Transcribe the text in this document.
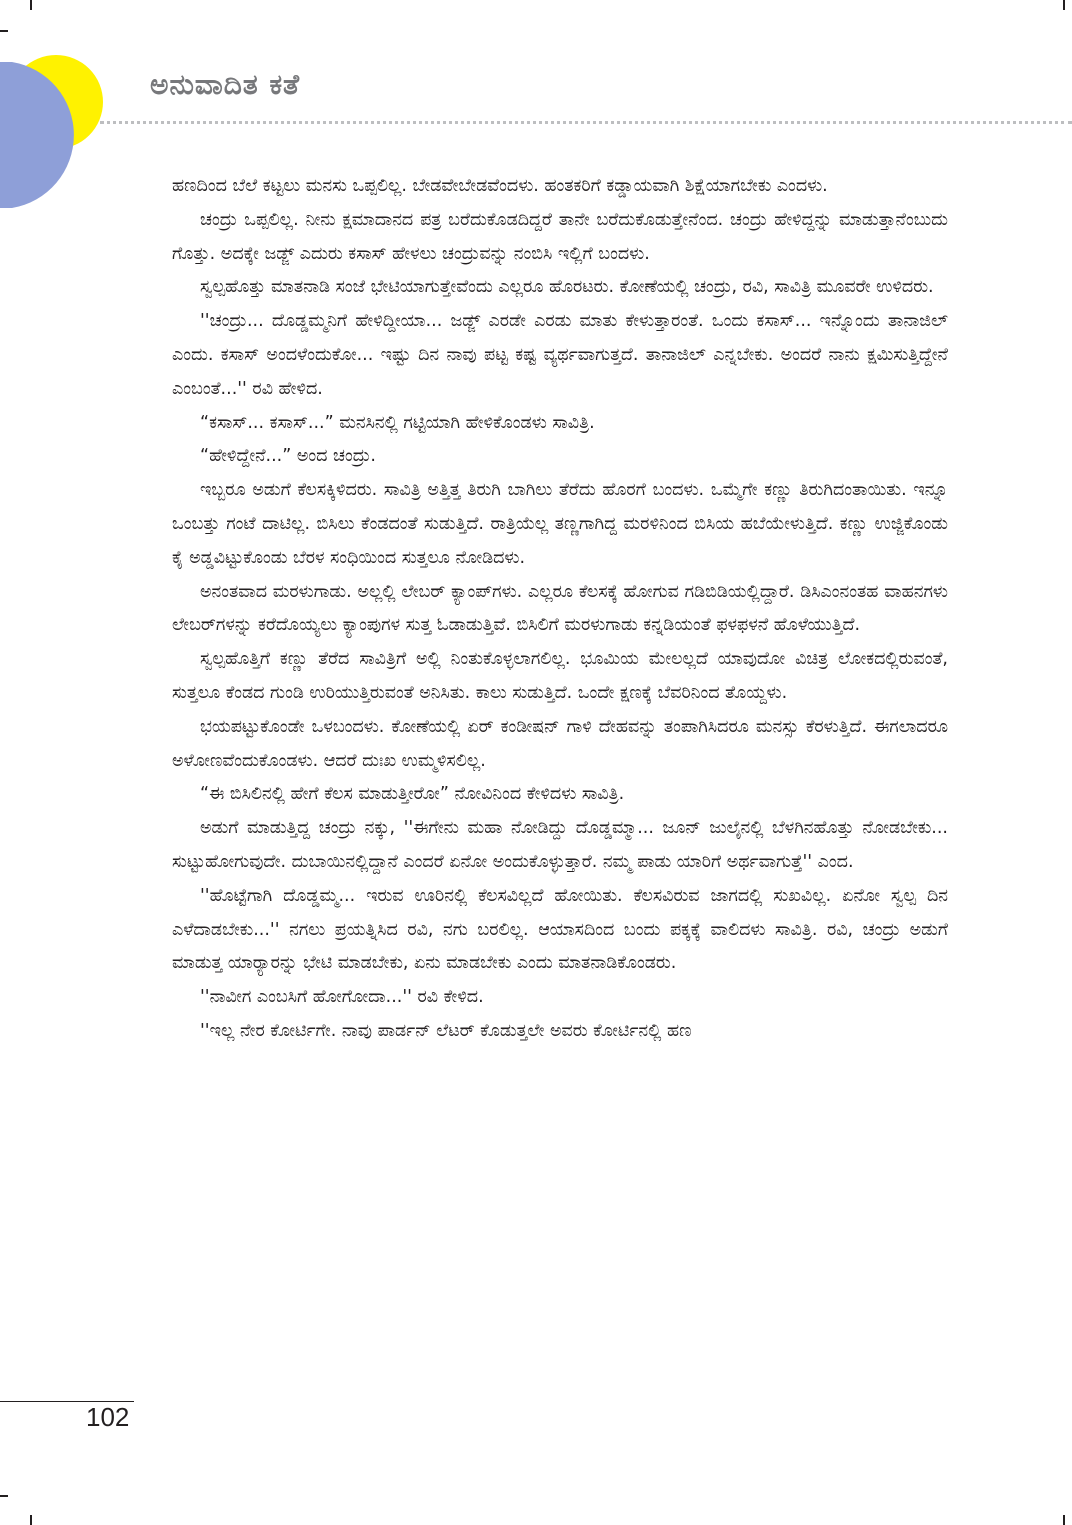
ಅನುವಾದಿತ ಕತೆ

ಹಣದಿಂದ ಬೆಲೆ ಕಟ್ಟಲು ಮನಸು ಒಪ್ಪಲಿಲ್ಲ. ಬೇಡವೇಬೇಡವೆಂದಳು. ಹಂತಕರಿಗೆ ಕಡ್ಡಾಯವಾಗಿ ಶಿಕ್ಷೆಯಾಗಬೇಕು ಎಂದಳು.

ಚಂದ್ರು ಒಪ್ಪಲಿಲ್ಲ. ನೀನು ಕ್ಷಮಾದಾನದ ಪತ್ರ ಬರೆದುಕೊಡದಿದ್ದರೆ ತಾನೇ ಬರೆದುಕೊಡುತ್ತೇನೆಂದ. ಚಂದ್ರು ಹೇಳಿದ್ದನ್ನು ಮಾಡುತ್ತಾನೆಂಬುದು ಗೊತ್ತು. ಅದಕ್ಕೇ ಜಡ್ಜ್ ಎದುರು ಕಸಾಸ್ ಹೇಳಲು ಚಂದ್ರುವನ್ನು ನಂಬಿಸಿ ಇಲ್ಲಿಗೆ ಬಂದಳು.

ಸ್ವಲ್ಪಹೊತ್ತು ಮಾತನಾಡಿ ಸಂಜೆ ಭೇಟಿಯಾಗುತ್ತೇವೆಂದು ಎಲ್ಲರೂ ಹೊರಟರು. ಕೋಣೆಯಲ್ಲಿ ಚಂದ್ರು, ರವಿ, ಸಾವಿತ್ರಿ ಮೂವರೇ ಉಳಿದರು.

''ಚಂದ್ರು... ದೊಡ್ಡಮ್ಮನಿಗೆ ಹೇಳಿದ್ದೀಯಾ... ಜಡ್ಜ್ ಎರಡೇ ಎರಡು ಮಾತು ಕೇಳುತ್ತಾರಂತೆ. ಒಂದು ಕಸಾಸ್... ಇನ್ನೊಂದು ತಾನಾಜಿಲ್ ಎಂದು. ಕಸಾಸ್ ಅಂದಳೆಂದುಕೋ... ಇಷ್ಟು ದಿನ ನಾವು ಪಟ್ಟ ಕಷ್ಟ ವ್ಯರ್ಥವಾಗುತ್ತದೆ. ತಾನಾಜಿಲ್ ಎನ್ನಬೇಕು. ಅಂದರೆ ನಾನು ಕ್ಷಮಿಸುತ್ತಿದ್ದೇನೆ ಎಂಬಂತೆ...'' ರವಿ ಹೇಳಿದ.

“ಕಸಾಸ್... ಕಸಾಸ್...” ಮನಸಿನಲ್ಲಿ ಗಟ್ಟಿಯಾಗಿ ಹೇಳಿಕೊಂಡಳು ಸಾವಿತ್ರಿ.

“ಹೇಳಿದ್ದೇನೆ...” ಅಂದ ಚಂದ್ರು.

ಇಬ್ಬರೂ ಅಡುಗೆ ಕೆಲಸಕ್ಕಿಳಿದರು. ಸಾವಿತ್ರಿ ಅತ್ತಿತ್ತ ತಿರುಗಿ ಬಾಗಿಲು ತೆರೆದು ಹೊರಗೆ ಬಂದಳು. ಒಮ್ಮೆಗೇ ಕಣ್ಣು ತಿರುಗಿದಂತಾಯಿತು. ಇನ್ನೂ ಒಂಬತ್ತು ಗಂಟೆ ದಾಟಿಲ್ಲ. ಬಿಸಿಲು ಕೆಂಡದಂತೆ ಸುಡುತ್ತಿದೆ. ರಾತ್ರಿಯೆಲ್ಲ ತಣ್ಣಗಾಗಿದ್ದ ಮರಳಿನಿಂದ ಬಿಸಿಯ ಹಬೆಯೇಳುತ್ತಿದೆ. ಕಣ್ಣು ಉಜ್ಜಿಕೊಂಡು ಕೈ ಅಡ್ಡವಿಟ್ಟುಕೊಂಡು ಬೆರಳ ಸಂಧಿಯಿಂದ ಸುತ್ತಲೂ ನೋಡಿದಳು.

ಅನಂತವಾದ ಮರಳುಗಾಡು. ಅಲ್ಲಲ್ಲಿ ಲೇಬರ್ ಕ್ಯಾಂಪ್‌ಗಳು. ಎಲ್ಲರೂ ಕೆಲಸಕ್ಕೆ ಹೋಗುವ ಗಡಿಬಿಡಿಯಲ್ಲಿದ್ದಾರೆ. ಡಿಸಿಎಂನಂತಹ ವಾಹನಗಳು ಲೇಬರ್‌ಗಳನ್ನು ಕರೆದೊಯ್ಯಲು ಕ್ಯಾಂಪುಗಳ ಸುತ್ತ ಓಡಾಡುತ್ತಿವೆ. ಬಿಸಿಲಿಗೆ ಮರಳುಗಾಡು ಕನ್ನಡಿಯಂತೆ ಫಳಫಳನೆ ಹೊಳೆಯುತ್ತಿದೆ.

ಸ್ವಲ್ಪಹೊತ್ತಿಗೆ ಕಣ್ಣು ತೆರೆದ ಸಾವಿತ್ರಿಗೆ ಅಲ್ಲಿ ನಿಂತುಕೊಳ್ಳಲಾಗಲಿಲ್ಲ. ಭೂಮಿಯ ಮೇಲಲ್ಲದೆ ಯಾವುದೋ ವಿಚಿತ್ರ ಲೋಕದಲ್ಲಿರುವಂತೆ, ಸುತ್ತಲೂ ಕೆಂಡದ ಗುಂಡಿ ಉರಿಯುತ್ತಿರುವಂತೆ ಅನಿಸಿತು. ಕಾಲು ಸುಡುತ್ತಿದೆ. ಒಂದೇ ಕ್ಷಣಕ್ಕೆ ಬೆವರಿನಿಂದ ತೊಯ್ದಳು.

ಭಯಪಟ್ಟುಕೊಂಡೇ ಒಳಬಂದಳು. ಕೋಣೆಯಲ್ಲಿ ಏರ್ ಕಂಡೀಷನ್ ಗಾಳಿ ದೇಹವನ್ನು ತಂಪಾಗಿಸಿದರೂ ಮನಸ್ಸು ಕೆರಳುತ್ತಿದೆ. ಈಗಲಾದರೂ ಅಳೋಣವೆಂದುಕೊಂಡಳು. ಆದರೆ ದುಃಖ ಉಮ್ಮಳಿಸಲಿಲ್ಲ.

“ಈ ಬಿಸಿಲಿನಲ್ಲಿ ಹೇಗೆ ಕೆಲಸ ಮಾಡುತ್ತೀರೋ” ನೋವಿನಿಂದ ಕೇಳಿದಳು ಸಾವಿತ್ರಿ.

ಅಡುಗೆ ಮಾಡುತ್ತಿದ್ದ ಚಂದ್ರು ನಕ್ಕು, ''ಈಗೇನು ಮಹಾ ನೋಡಿದ್ದು ದೊಡ್ಡಮ್ಮಾ... ಜೂನ್ ಜುಲೈನಲ್ಲಿ ಬೆಳಗಿನಹೊತ್ತು ನೋಡಬೇಕು... ಸುಟ್ಟುಹೋಗುವುದೇ. ದುಬಾಯಿನಲ್ಲಿದ್ದಾನೆ ಎಂದರೆ ಏನೋ ಅಂದುಕೊಳ್ಳುತ್ತಾರೆ. ನಮ್ಮ ಪಾಡು ಯಾರಿಗೆ ಅರ್ಥವಾಗುತ್ತೆ'' ಎಂದ.

''ಹೊಟ್ಟೆಗಾಗಿ ದೊಡ್ಡಮ್ಮ... ಇರುವ ಊರಿನಲ್ಲಿ ಕೆಲಸವಿಲ್ಲದೆ ಹೋಯಿತು. ಕೆಲಸವಿರುವ ಜಾಗದಲ್ಲಿ ಸುಖವಿಲ್ಲ. ಏನೋ ಸ್ವಲ್ಪ ದಿನ ಎಳೆದಾಡಬೇಕು...'' ನಗಲು ಪ್ರಯತ್ನಿಸಿದ ರವಿ, ನಗು ಬರಲಿಲ್ಲ. ಆಯಾಸದಿಂದ ಬಂದು ಪಕ್ಕಕ್ಕೆ ವಾಲಿದಳು ಸಾವಿತ್ರಿ. ರವಿ, ಚಂದ್ರು ಅಡುಗೆ ಮಾಡುತ್ತ ಯಾರ್‍ಯಾರನ್ನು ಭೇಟಿ ಮಾಡಬೇಕು, ಏನು ಮಾಡಬೇಕು ಎಂದು ಮಾತನಾಡಿಕೊಂಡರು.

''ನಾವೀಗ ಎಂಬಸಿಗೆ ಹೋಗೋದಾ...'' ರವಿ ಕೇಳಿದ.

''ಇಲ್ಲ ನೇರ ಕೋರ್ಟಿಗೇ. ನಾವು ಪಾರ್ಡನ್ ಲೆಟರ್ ಕೊಡುತ್ತಲೇ ಅವರು ಕೋರ್ಟಿನಲ್ಲಿ ಹಣ

102
